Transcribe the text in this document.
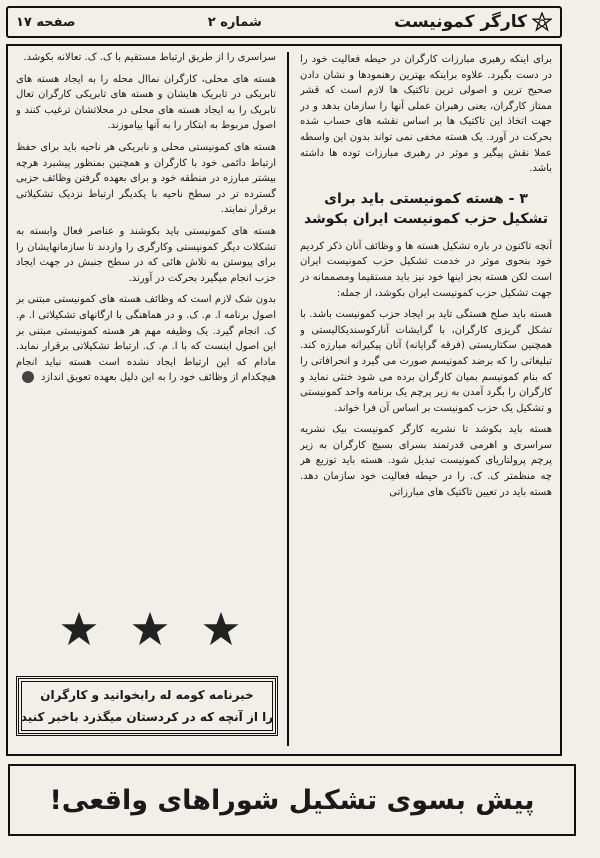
کارگر کمونیست
شماره ۲
صفحه ۱۷

برای اینکه رهبری مبارزات کارگران در حیطه فعالیت خود را در دست بگیرد. علاوه براینکه بهترین رهنمودها و نشان دادن صحیح ترین و اصولی ترین تاکتیک ها لازم است که قشر ممتاز کارگران، یعنی رهبران عملی آنها را سازمان بدهد و در جهت اتخاذ این تاکتیک ها بر اساس نقشه های حساب شده بحرکت در آورد. یک هسته مخفی نمی تواند بدون این واسطه عملا نقش پیگیر و موثر در رهبری مبارزات توده ها داشته باشد.

۳ - هسته کمونیستی باید برای تشکیل حزب کمونیست ایران بکوشد

آنچه تاکنون در باره تشکیل هسته ها و وظائف آنان ذکر کردیم خود بنحوی موثر در خدمت تشکیل حزب کمونیست ایران است لکن هسته بجز اینها خود نیز باید مستقیما ومصممانه در جهت تشکیل حزب کمونیست ایران بکوشد، از جمله:

هسته باید صلح هستگی تاید بر ایجاد حزب کمونیست باشد. با تشکل گریزی کارگران، با گرایشات آنارکوسندیکالیستی و همچنین سکتاریستی (فرقه گرایانه) آنان پیکیرانه مبارزه کند. تبلیغاتی را که برضد کمونیسم صورت می گیرد و انحرافاتی را که بنام کمونیسم بمیان کارگران برده می شود خنثی نماید و کارگران را بگرد آمدن به زیر پرچم یک برنامه واحد کمونیستی و تشکیل یک حزب کمونیست بر اساس آن فرا خواند.

هسته باید بکوشد تا نشریه کارگر کمونیست بیک نشریه سراسری و اهرمی قدرتمند بسرای بسیج کارگران به زیر پرچم پرولتاریای کمونیست تبدیل شود. هسته باید توزیع هر چه منظمتر ک. ک. را در حیطه فعالیت خود سازمان دهد. هسته باید در تعیین تاکتیک های مبارزاتی

سراسری را از طریق ارتباط مستقیم با ک. ک. تعالانه بکوشد.

هسته های محلی، کارگران نماال محله را به ایجاد هسته های تابریکی در تابریک هایشان و هسته های تابریکی کارگران تعال تابریک را به ایجاد هسته های محلی در محلاتشان ترغیب کنند و اصول مربوط به ابتکار را به آنها بیاموزند.

هسته های کمونیستی محلی و نابریکی هر ناحیه باید برای حفظ ارتباط دائمی خود با کارگران و همچنین بمنظور پیشبرد هرچه بیشتر مبارزه در منطقه خود و برای بعهده گرفتن وظائف حزبی گسترده تر در سطح ناحیه با یکدیگر ارتباط نزدیک تشکیلاتی برقرار نمایند.

هسته های کمونیستی باید بکوشند و عناصر فعال وابسته به تشکلات دیگر کمونیستی وکارگری را واردند تا سازمانهایشان را برای پیوستن به تلاش هائی که در سطح جنبش در جهت ایجاد حزب انجام میگیرد بحرکت در آورند.

بدون شک لازم است که وظائف هسته های کمونیستی مبتنی بر اصول برنامه ا. م. ک. و در هماهنگی با ارگانهای تشکیلاتی ا. م. ک. انجام گیرد. یک وظیفه مهم هر هسته کمونیستی مبتنی بر این اصول اینست که با ا. م. ک. ارتباط تشکیلاتی برقرار نماید. مادام که این ارتباط ایجاد نشده است هسته نباید انجام هیچکدام از وظائف خود را به این دلیل بعهده تعویق اندازد

خبرنامه کومه له رابخوانید و کارگران
را از آنچه که در کردستان میگذرد باخبر کنید
پیش بسوی تشکیل شوراهای واقعی!
